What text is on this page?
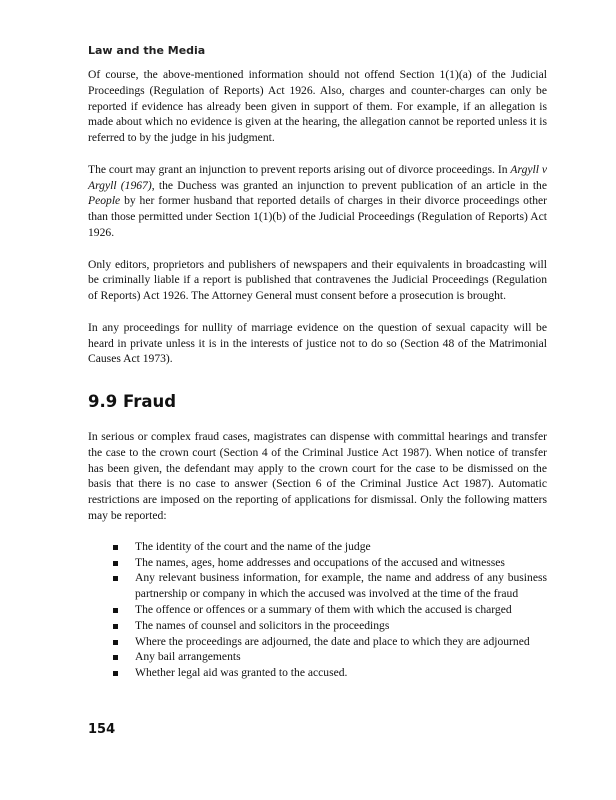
Law and the Media

Of course, the above-mentioned information should not offend Section 1(1)(a) of the Judicial Proceedings (Regulation of Reports) Act 1926. Also, charges and counter-charges can only be reported if evidence has already been given in support of them. For example, if an allegation is made about which no evidence is given at the hearing, the allegation cannot be reported unless it is referred to by the judge in his judgment.

The court may grant an injunction to prevent reports arising out of divorce proceedings. In Argyll v Argyll (1967), the Duchess was granted an injunction to prevent publication of an article in the People by her former husband that reported details of charges in their divorce proceedings other than those permitted under Section 1(1)(b) of the Judicial Proceedings (Regulation of Reports) Act 1926.

Only editors, proprietors and publishers of newspapers and their equivalents in broadcasting will be criminally liable if a report is published that contravenes the Judicial Proceedings (Regulation of Reports) Act 1926. The Attorney General must consent before a prosecution is brought.

In any proceedings for nullity of marriage evidence on the question of sexual capacity will be heard in private unless it is in the interests of justice not to do so (Section 48 of the Matrimonial Causes Act 1973).

9.9 Fraud

In serious or complex fraud cases, magistrates can dispense with committal hearings and transfer the case to the crown court (Section 4 of the Criminal Justice Act 1987). When notice of transfer has been given, the defendant may apply to the crown court for the case to be dismissed on the basis that there is no case to answer (Section 6 of the Criminal Justice Act 1987). Automatic restrictions are imposed on the reporting of applications for dismissal. Only the following matters may be reported:

The identity of the court and the name of the judge
The names, ages, home addresses and occupations of the accused and witnesses
Any relevant business information, for example, the name and address of any business partnership or company in which the accused was involved at the time of the fraud
The offence or offences or a summary of them with which the accused is charged
The names of counsel and solicitors in the proceedings
Where the proceedings are adjourned, the date and place to which they are adjourned
Any bail arrangements
Whether legal aid was granted to the accused.
154
